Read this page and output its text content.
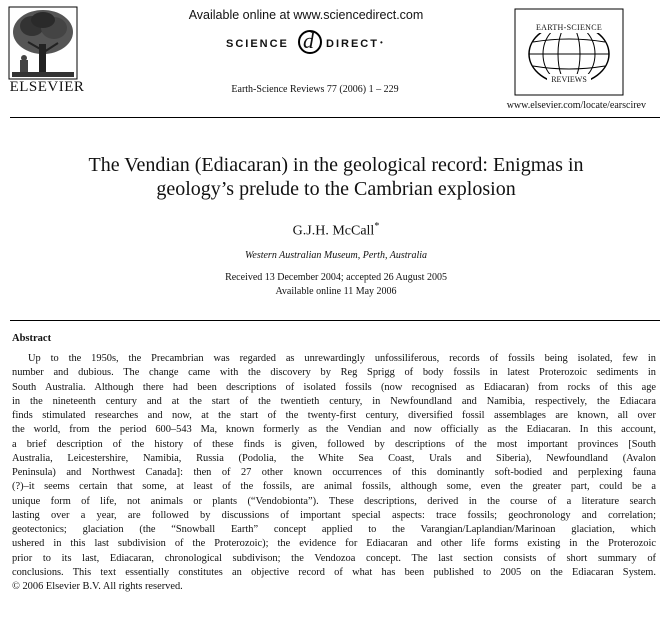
ELSEVIER
Available online at www.sciencedirect.com
SCIENCE d DIRECT •
Earth-Science Reviews 77 (2006) 1 – 229
EARTH-SCIENCE
REVIEWS
www.elsevier.com/locate/earscirev
The Vendian (Ediacaran) in the geological record: Enigmas in
geology’s prelude to the Cambrian explosion
G.J.H. McCall*
Western Australian Museum, Perth, Australia
Received 13 December 2004; accepted 26 August 2005
Available online 11 May 2006
Abstract
Up to the 1950s, the Precambrian was regarded as unrewardingly unfossiliferous, records of fossils being isolated, few in
number and dubious. The change came with the discovery by Reg Sprigg of body fossils in latest Proterozoic sediments in
South Australia. Although there had been descriptions of isolated fossils (now recognised as Ediacaran) from rocks of this age
in the nineteenth century and at the start of the twentieth century, in Newfoundland and Namibia, respectively, the Ediacara
finds stimulated researches and now, at the start of the twenty-first century, diversified fossil assemblages are known, all over
the world, from the period 600–543 Ma, known formerly as the Vendian and now officially as the Ediacaran. In this account,
a brief description of the history of these finds is given, followed by descriptions of the most important provinces [South
Australia, Leicestershire, Namibia, Russia (Podolia, the White Sea Coast, Urals and Siberia), Newfoundland (Avalon
Peninsula) and Northwest Canada]: then of 27 other known occurrences of this dominantly soft-bodied and perplexing fauna
(?)–it seems certain that some, at least of the fossils, are animal fossils, although some, even the greater part, could be a
unique form of life, not animals or plants (“Vendobionta”). These descriptions, derived in the course of a literature search
lasting over a year, are followed by discussions of important special aspects: trace fossils; geochronology and correlation;
geotectonics; glaciation (the “Snowball Earth” concept applied to the Varangian/Laplandian/Marinoan glaciation, which
ushered in this last subdivision of the Proterozoic); the evidence for Ediacaran and other life forms existing in the Proterozoic
prior to its last, Ediacaran, chronological subdivison; the Vendozoa concept. The last section consists of short summary of
conclusions. This text essentially constitutes an objective record of what has been published to 2005 on the Ediacaran System.
© 2006 Elsevier B.V. All rights reserved.
